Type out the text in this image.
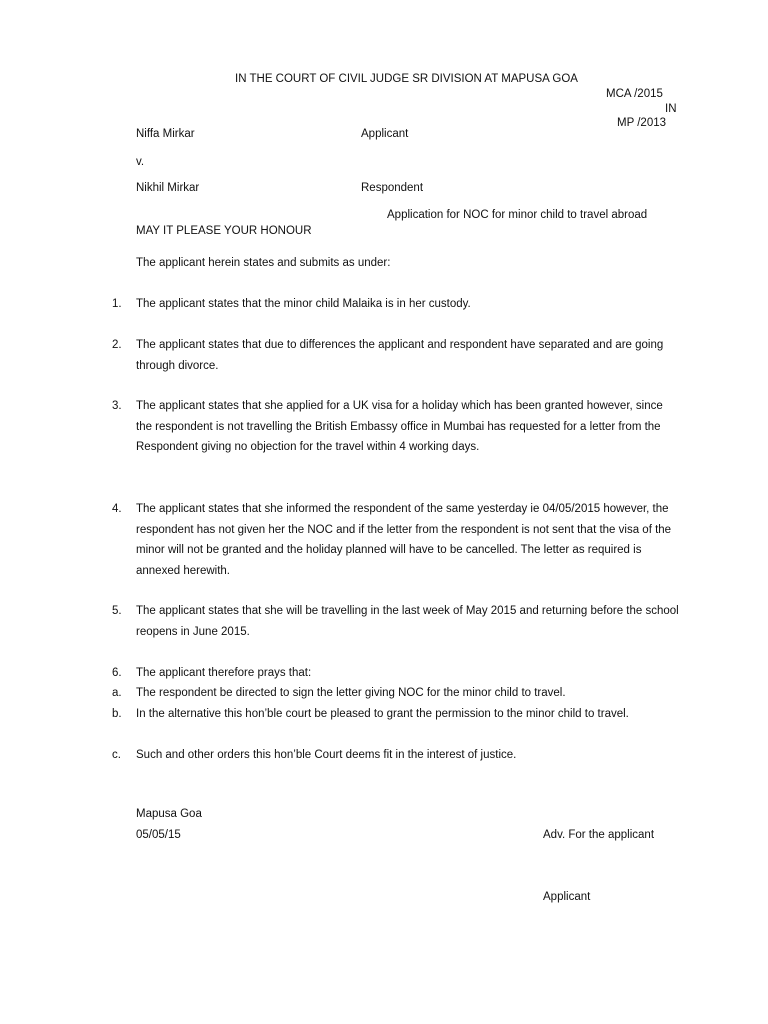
IN THE COURT OF CIVIL JUDGE SR DIVISION AT MAPUSA GOA
MCA /2015
IN
MP /2013
Niffa Mirkar	Applicant
v.
Nikhil Mirkar	Respondent
Application for NOC for minor child to travel abroad
MAY IT PLEASE YOUR HONOUR
The applicant herein states and submits as under:
1.	The applicant states that the minor child Malaika is in her custody.
2.	The applicant states that due to differences the applicant and respondent have separated and are going through divorce.
3.	The applicant states that she applied for a UK visa for a holiday which has been granted however, since the respondent is not travelling the British Embassy office in Mumbai has requested for a letter from the Respondent giving no objection for the travel within 4 working days.
4.	The applicant states that she informed the respondent of the same yesterday ie 04/05/2015 however, the respondent has not given her the NOC and if the letter from the respondent is not sent that the visa of the minor will not be granted and the holiday planned will have to be cancelled. The letter as required is annexed herewith.
5.	The applicant states that she will be travelling in the last week of May 2015 and returning before the school reopens in June 2015.
6.	The applicant therefore prays that:
a.	The respondent be directed to sign the letter giving NOC for the minor child to travel.
b.	In the alternative this hon’ble court be pleased to grant the permission to the minor child to travel.
c.	Such and other orders this hon’ble Court deems fit in the interest of justice.
Mapusa Goa
05/05/15	Adv. For the applicant
Applicant
